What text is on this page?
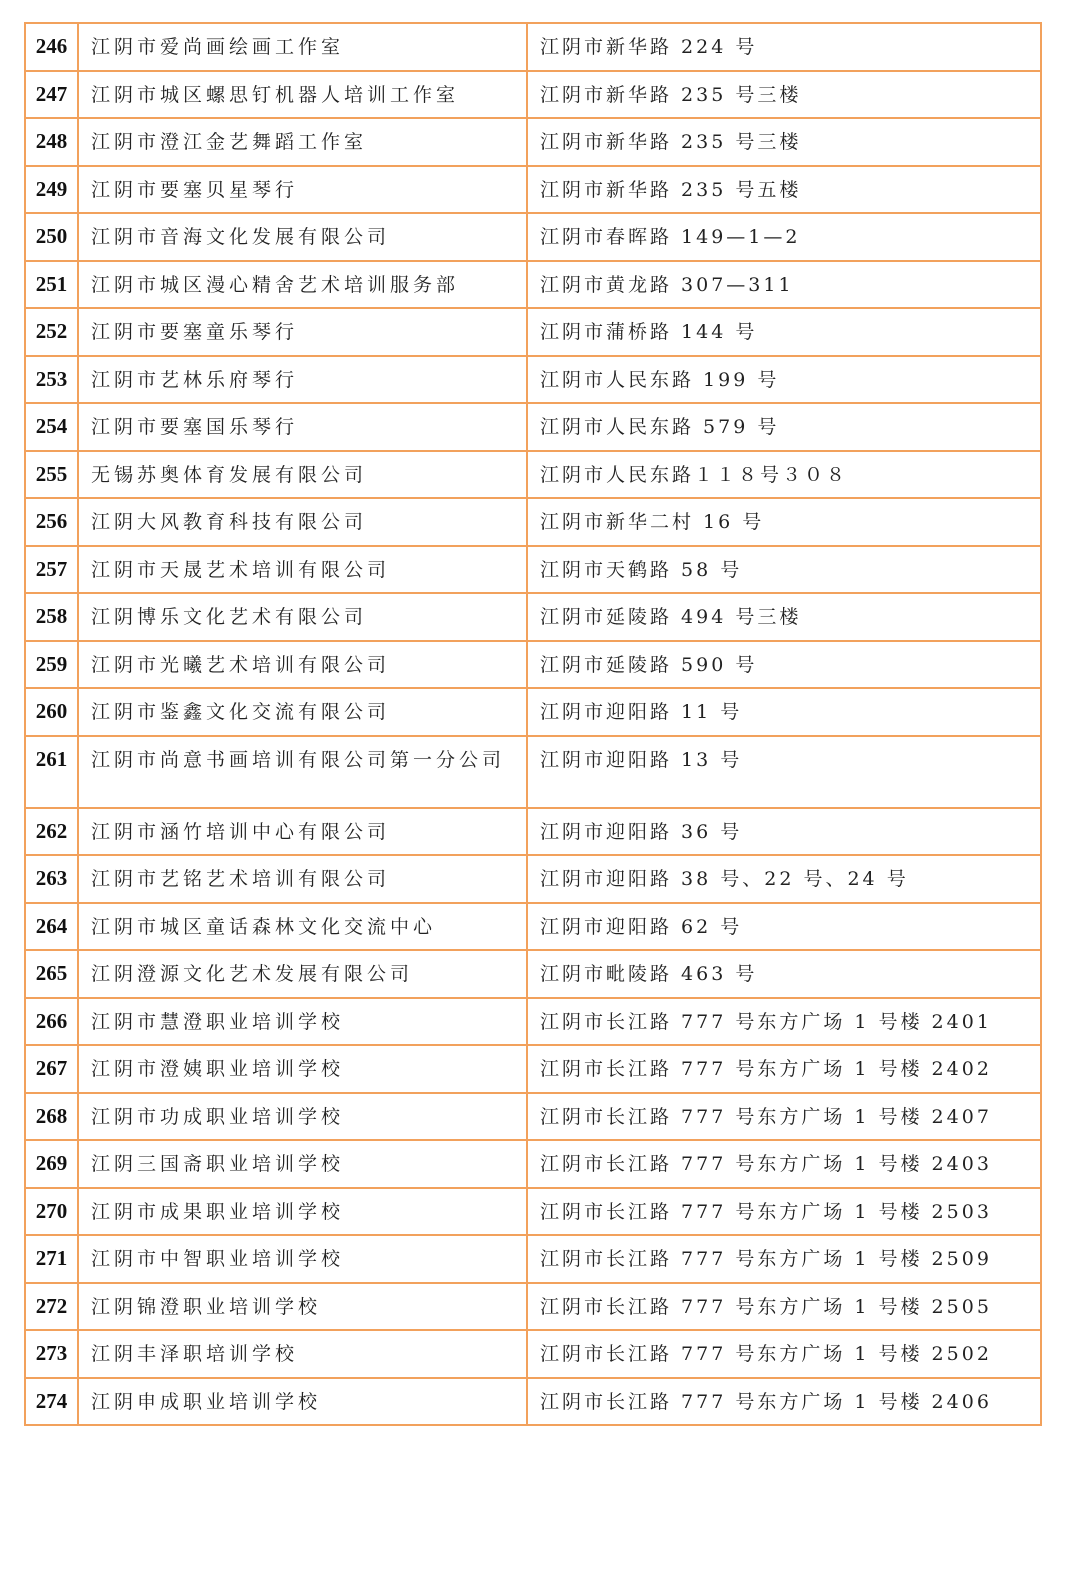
246	江阴市爱尚画绘画工作室	江阴市新华路 224 号
247	江阴市城区螺思钉机器人培训工作室	江阴市新华路 235 号三楼
248	江阴市澄江金艺舞蹈工作室	江阴市新华路 235 号三楼
249	江阴市要塞贝星琴行	江阴市新华路 235 号五楼
250	江阴市音海文化发展有限公司	江阴市春晖路 149—1—2
251	江阴市城区漫心精舍艺术培训服务部	江阴市黄龙路 307—311
252	江阴市要塞童乐琴行	江阴市蒲桥路 144 号
253	江阴市艺林乐府琴行	江阴市人民东路 199 号
254	江阴市要塞国乐琴行	江阴市人民东路 579 号
255	无锡苏奥体育发展有限公司	江阴市人民东路１１８号３０８
256	江阴大风教育科技有限公司	江阴市新华二村 16 号
257	江阴市天晟艺术培训有限公司	江阴市天鹤路 58 号
258	江阴博乐文化艺术有限公司	江阴市延陵路 494 号三楼
259	江阴市光曦艺术培训有限公司	江阴市延陵路 590 号
260	江阴市鉴鑫文化交流有限公司	江阴市迎阳路 11 号
261	江阴市尚意书画培训有限公司第一分公司	江阴市迎阳路 13 号
262	江阴市涵竹培训中心有限公司	江阴市迎阳路 36 号
263	江阴市艺铭艺术培训有限公司	江阴市迎阳路 38 号、22 号、24 号
264	江阴市城区童话森林文化交流中心	江阴市迎阳路 62 号
265	江阴澄源文化艺术发展有限公司	江阴市毗陵路 463 号
266	江阴市慧澄职业培训学校	江阴市长江路 777 号东方广场 1 号楼 2401
267	江阴市澄姨职业培训学校	江阴市长江路 777 号东方广场 1 号楼 2402
268	江阴市功成职业培训学校	江阴市长江路 777 号东方广场 1 号楼 2407
269	江阴三国斋职业培训学校	江阴市长江路 777 号东方广场 1 号楼 2403
270	江阴市成果职业培训学校	江阴市长江路 777 号东方广场 1 号楼 2503
271	江阴市中智职业培训学校	江阴市长江路 777 号东方广场 1 号楼 2509
272	江阴锦澄职业培训学校	江阴市长江路 777 号东方广场 1 号楼 2505
273	江阴丰泽职培训学校	江阴市长江路 777 号东方广场 1 号楼 2502
274	江阴申成职业培训学校	江阴市长江路 777 号东方广场 1 号楼 2406
